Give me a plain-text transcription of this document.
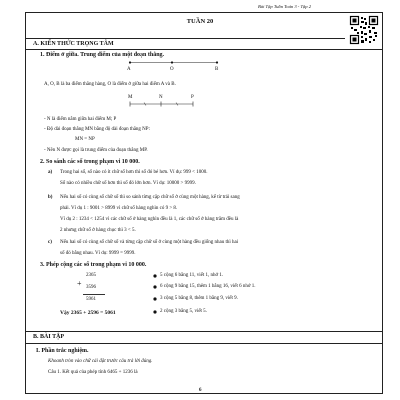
Bài Tập Tuần Toán 3 - Tập 2
TUẦN 20
A. KIẾN THỨC TRỌNG TÂM
1. Điểm ở giữa. Trung điểm của một đoạn thẳng.
A	O	B
A, O, B là ba điểm thẳng hàng, O là điểm ở giữa hai điểm A và B.
M	N	P
- N là điểm nằm giữa hai điểm M; P
- Độ dài đoạn thẳng MN bằng độ dài đoạn thẳng NP:
MN = NP
- Nên N được gọi là trung điểm của đoạn thẳng MP.
2. So sánh các số trong phạm vi 10 000.
a) Trong hai số, số nào có ít chữ số hơn thì số đó bé hơn. Ví dụ: 999 < 1000.
Số nào có nhiều chữ số hơn thì số đó lớn hơn. Ví dụ: 10000 > 9999.
b) Nếu hai số có cùng số chữ số thì so sánh từng cặp chữ số ở cùng một hàng, kể từ trái sang
phải. Ví dụ 1 : 9001 > 8999 vì chữ số hàng nghìn có 9 > 8.
Ví dụ 2 : 1234 < 1254 vì các chữ số ở hàng nghìn đều là 1, các chữ số ở hàng trăm đều là
2 nhưng chữ số ở hàng chục thì 3 < 5.
c) Nếu hai số có cùng số chữ số và từng cặp chữ số ở cùng một hàng đều giống nhau thì hai
số đó bằng nhau. Ví dụ: 9999 = 9999.
3. Phép cộng các số trong phạm vi 10 000.
2365
+ 3596
5961
5 cộng 6 bằng 11, viết 1, nhớ 1.
6 cộng 9 bằng 15, thêm 1 bằng 16, viết 6 nhớ 1.
3 cộng 5 bằng 8, thêm 1 bằng 9, viết 9.
2 cộng 3 bằng 5, viết 5.
Vậy 2365 + 2596 = 5061
B. BÀI TẬP
I. Phần trắc nghiệm.
Khoanh tròn vào chữ cái đặt trước câu trả lời đúng.
Câu 1. Kết quả của phép tính 6465 + 1236 là
6
